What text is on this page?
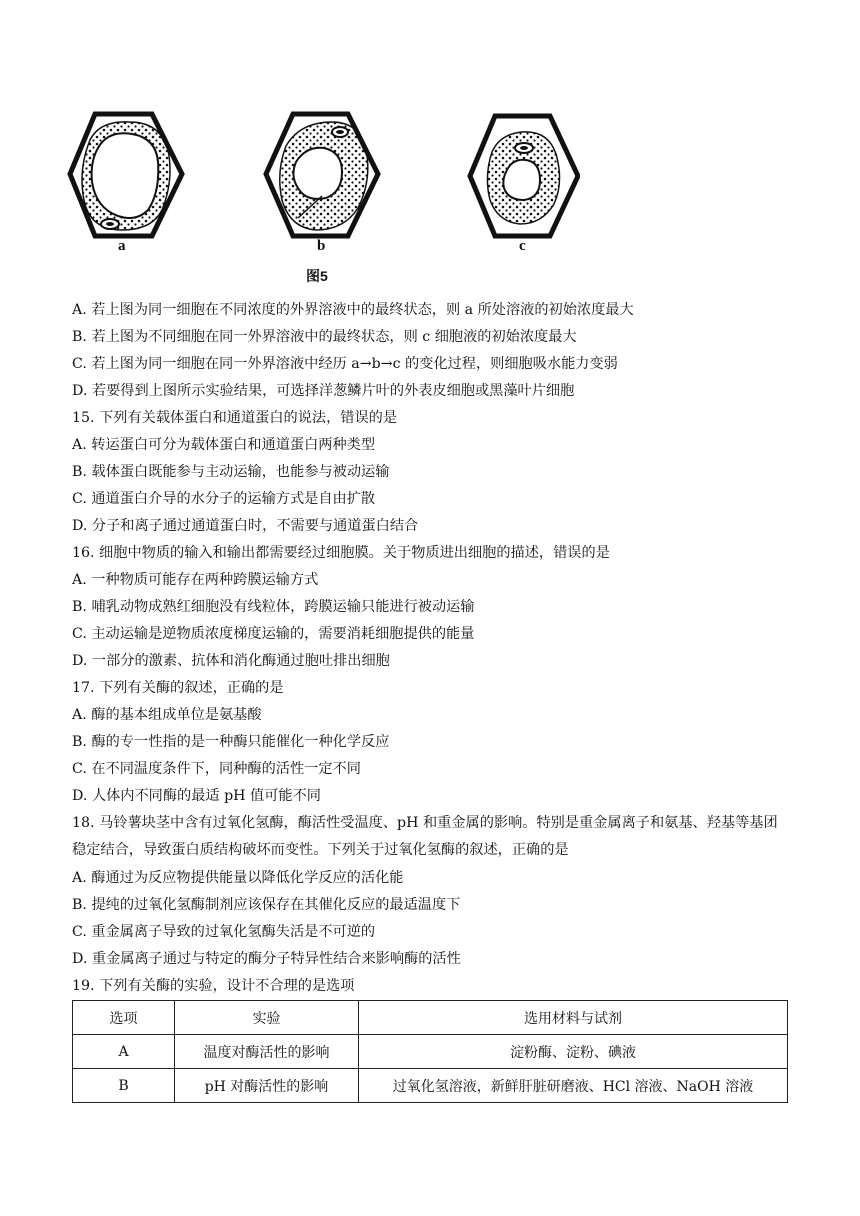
a	b	c
图5
A. 若上图为同一细胞在不同浓度的外界溶液中的最终状态，则 a 所处溶液的初始浓度最大
B. 若上图为不同细胞在同一外界溶液中的最终状态，则 c 细胞液的初始浓度最大
C. 若上图为同一细胞在同一外界溶液中经历 a→b→c 的变化过程，则细胞吸水能力变弱
D. 若要得到上图所示实验结果，可选择洋葱鳞片叶的外表皮细胞或黑藻叶片细胞
15. 下列有关载体蛋白和通道蛋白的说法，错误的是
A. 转运蛋白可分为载体蛋白和通道蛋白两种类型
B. 载体蛋白既能参与主动运输，也能参与被动运输
C. 通道蛋白介导的水分子的运输方式是自由扩散
D. 分子和离子通过通道蛋白时，不需要与通道蛋白结合
16. 细胞中物质的输入和输出都需要经过细胞膜。关于物质进出细胞的描述，错误的是
A. 一种物质可能存在两种跨膜运输方式
B. 哺乳动物成熟红细胞没有线粒体，跨膜运输只能进行被动运输
C. 主动运输是逆物质浓度梯度运输的，需要消耗细胞提供的能量
D. 一部分的激素、抗体和消化酶通过胞吐排出细胞
17. 下列有关酶的叙述，正确的是
A. 酶的基本组成单位是氨基酸
B. 酶的专一性指的是一种酶只能催化一种化学反应
C. 在不同温度条件下，同种酶的活性一定不同
D. 人体内不同酶的最适 pH 值可能不同
18. 马铃薯块茎中含有过氧化氢酶，酶活性受温度、pH 和重金属的影响。特别是重金属离子和氨基、羟基等基团稳定结合，导致蛋白质结构破坏而变性。下列关于过氧化氢酶的叙述，正确的是
A. 酶通过为反应物提供能量以降低化学反应的活化能
B. 提纯的过氧化氢酶制剂应该保存在其催化反应的最适温度下
C. 重金属离子导致的过氧化氢酶失活是不可逆的
D. 重金属离子通过与特定的酶分子特异性结合来影响酶的活性
19. 下列有关酶的实验，设计不合理的是选项
选项	实验	选用材料与试剂
A	温度对酶活性的影响	淀粉酶、淀粉、碘液
B	pH 对酶活性的影响	过氧化氢溶液，新鲜肝脏研磨液、HCl 溶液、NaOH 溶液
